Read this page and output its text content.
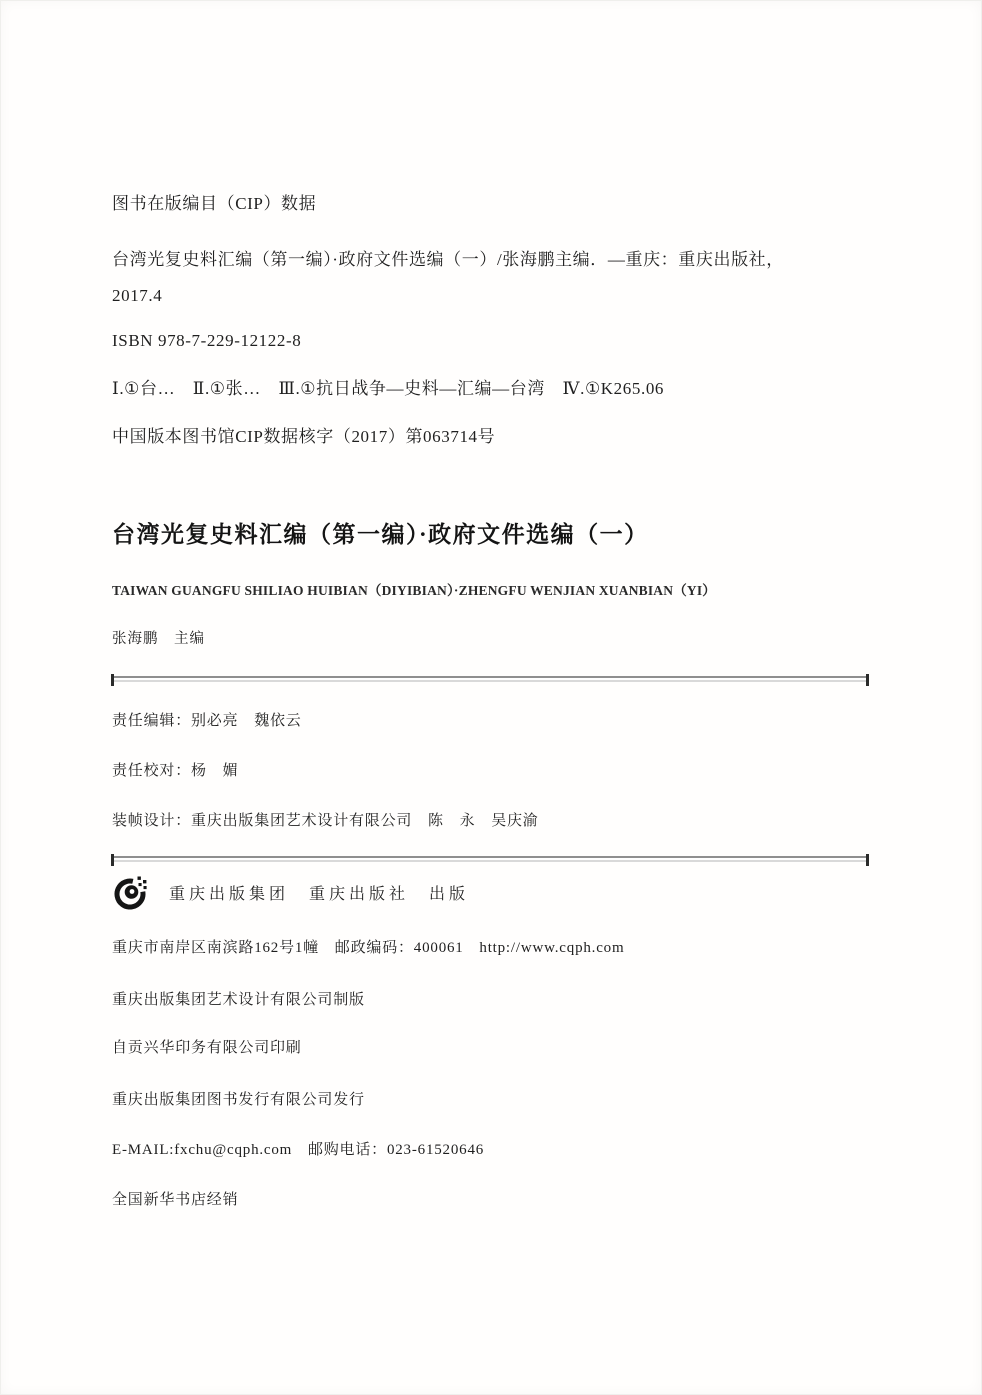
图书在版编目（CIP）数据

台湾光复史料汇编（第一编）·政府文件选编（一）/张海鹏主编．—重庆：重庆出版社，

2017.4

ISBN 978-7-229-12122-8

Ⅰ.①台…　Ⅱ.①张…　Ⅲ.①抗日战争—史料—汇编—台湾　Ⅳ.①K265.06

中国版本图书馆CIP数据核字（2017）第063714号

台湾光复史料汇编（第一编）·政府文件选编（一）

TAIWAN GUANGFU SHILIAO HUIBIAN（DIYIBIAN）·ZHENGFU WENJIAN XUANBIAN（YI）

张海鹏　主编

责任编辑：别必亮　魏依云

责任校对：杨　媚

装帧设计：重庆出版集团艺术设计有限公司　陈　永　吴庆渝

重庆出版集团　重庆出版社　出版

重庆市南岸区南滨路162号1幢　邮政编码：400061　http://www.cqph.com

重庆出版集团艺术设计有限公司制版

自贡兴华印务有限公司印刷

重庆出版集团图书发行有限公司发行

E-MAIL:fxchu@cqph.com　邮购电话：023-61520646

全国新华书店经销
